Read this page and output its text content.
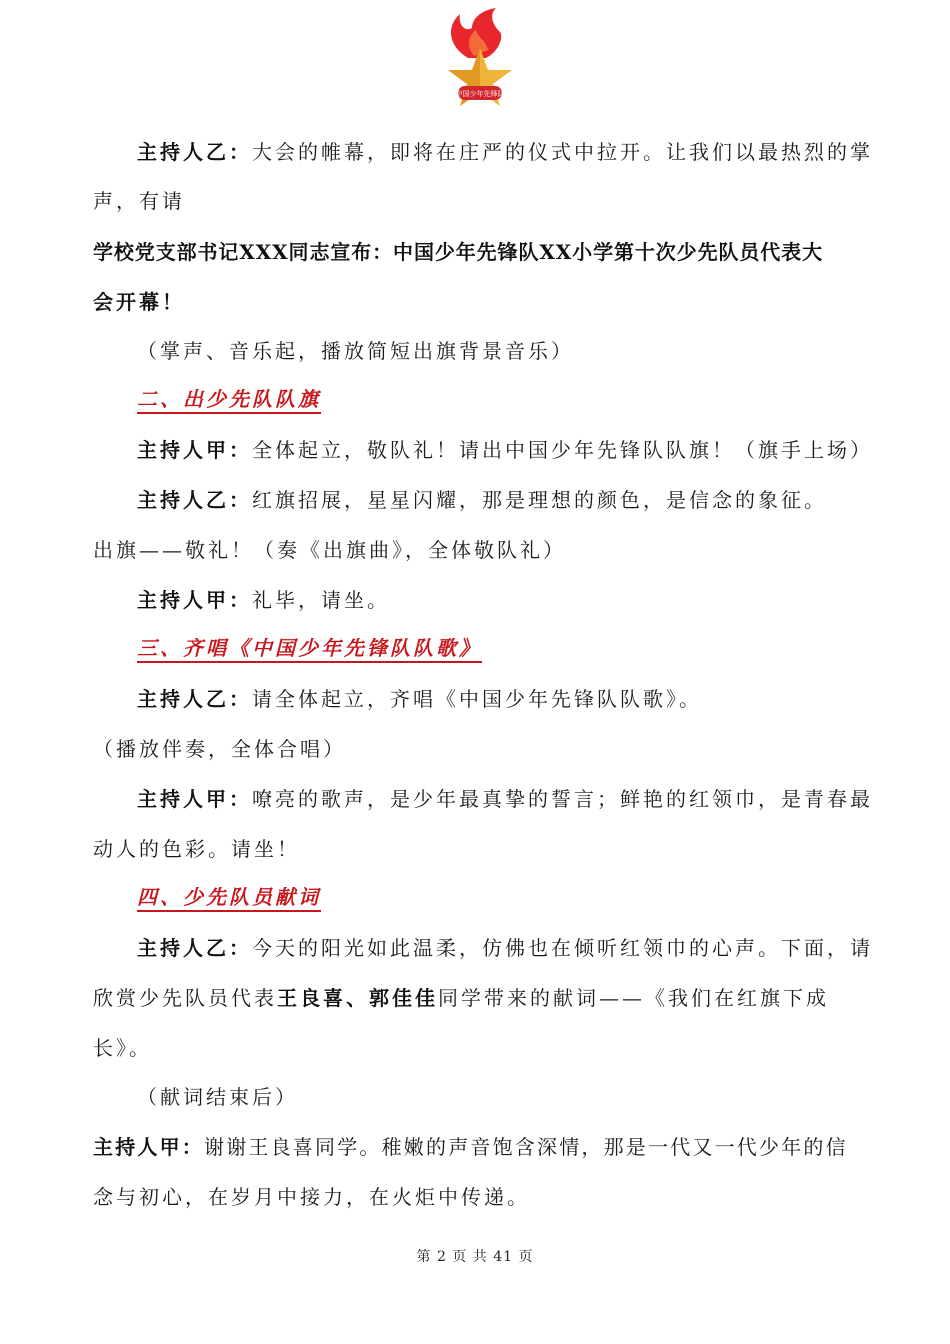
中国少年先锋队
主持人乙：大会的帷幕，即将在庄严的仪式中拉开。让我们以最热烈的掌
声，有请
学校党支部书记XXX同志宣布：中国少年先锋队XX小学第十次少先队员代表大
会开幕！
（掌声、音乐起，播放简短出旗背景音乐）
二、出少先队队旗
主持人甲：全体起立，敬队礼！请出中国少年先锋队队旗！（旗手上场）
主持人乙：红旗招展，星星闪耀，那是理想的颜色，是信念的象征。
出旗——敬礼！（奏《出旗曲》，全体敬队礼）
主持人甲：礼毕，请坐。
三、齐唱《中国少年先锋队队歌》
主持人乙：请全体起立，齐唱《中国少年先锋队队歌》。
（播放伴奏，全体合唱）
主持人甲：嘹亮的歌声，是少年最真挚的誓言；鲜艳的红领巾，是青春最
动人的色彩。请坐！
四、少先队员献词
主持人乙：今天的阳光如此温柔，仿佛也在倾听红领巾的心声。下面，请
欣赏少先队员代表王良喜、郭佳佳同学带来的献词——《我们在红旗下成
长》。
（献词结束后）
主持人甲：谢谢王良喜同学。稚嫩的声音饱含深情，那是一代又一代少年的信
念与初心，在岁月中接力，在火炬中传递。
第 2 页 共 41 页
